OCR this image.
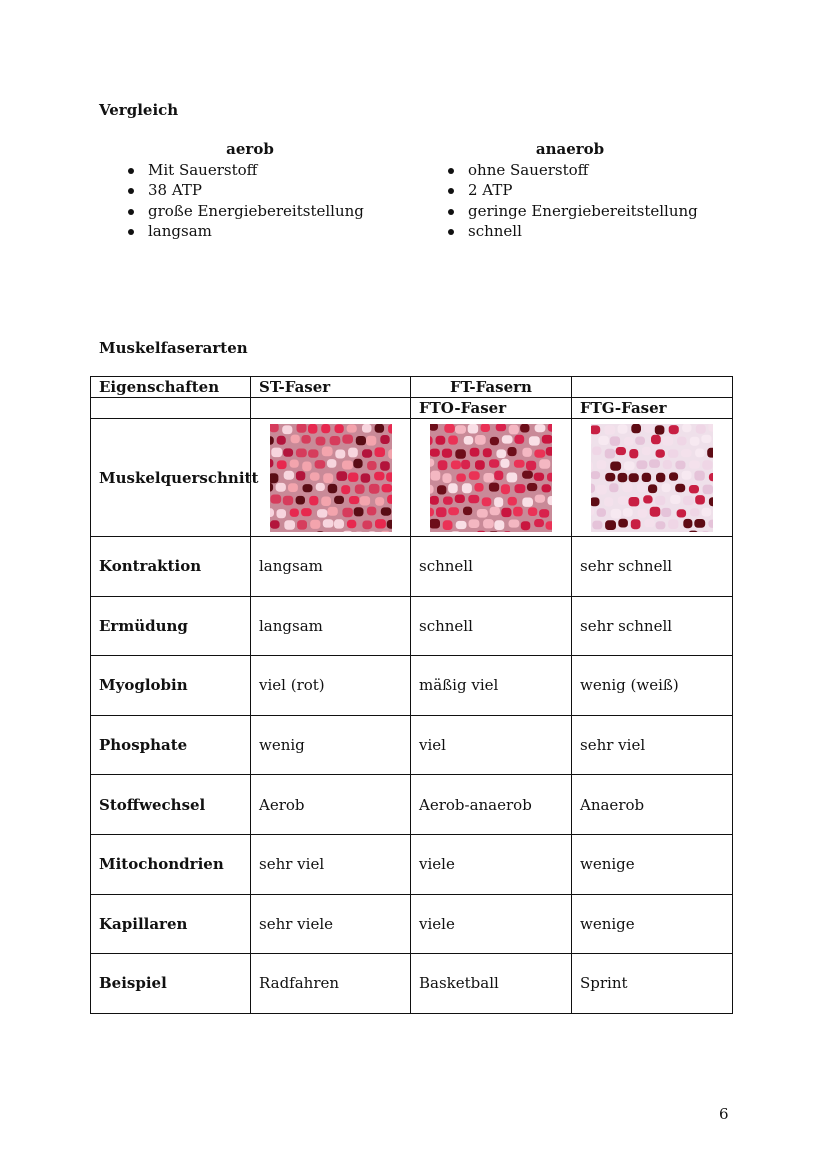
Vergleich
aerob	anaerob
Mit Sauerstoff
38 ATP
große Energiebereitstellung
langsam
ohne Sauerstoff
2 ATP
geringe Energiebereitstellung
schnell
Muskelfaserarten
Eigenschaften	ST-Faser	FT-Fasern	
		FTO-Faser	FTG-Faser
Muskelquerschnitt	

Kontraktion	langsam	schnell	sehr schnell
Ermüdung	langsam	schnell	sehr schnell
Myoglobin	viel (rot)	mäßig viel	wenig (weiß)
Phosphate	wenig	viel	sehr viel
Stoffwechsel	Aerob	Aerob-anaerob	Anaerob
Mitochondrien	sehr viel	viele	wenige
Kapillaren	sehr viele	viele	wenige
Beispiel	Radfahren	Basketball	Sprint
6
